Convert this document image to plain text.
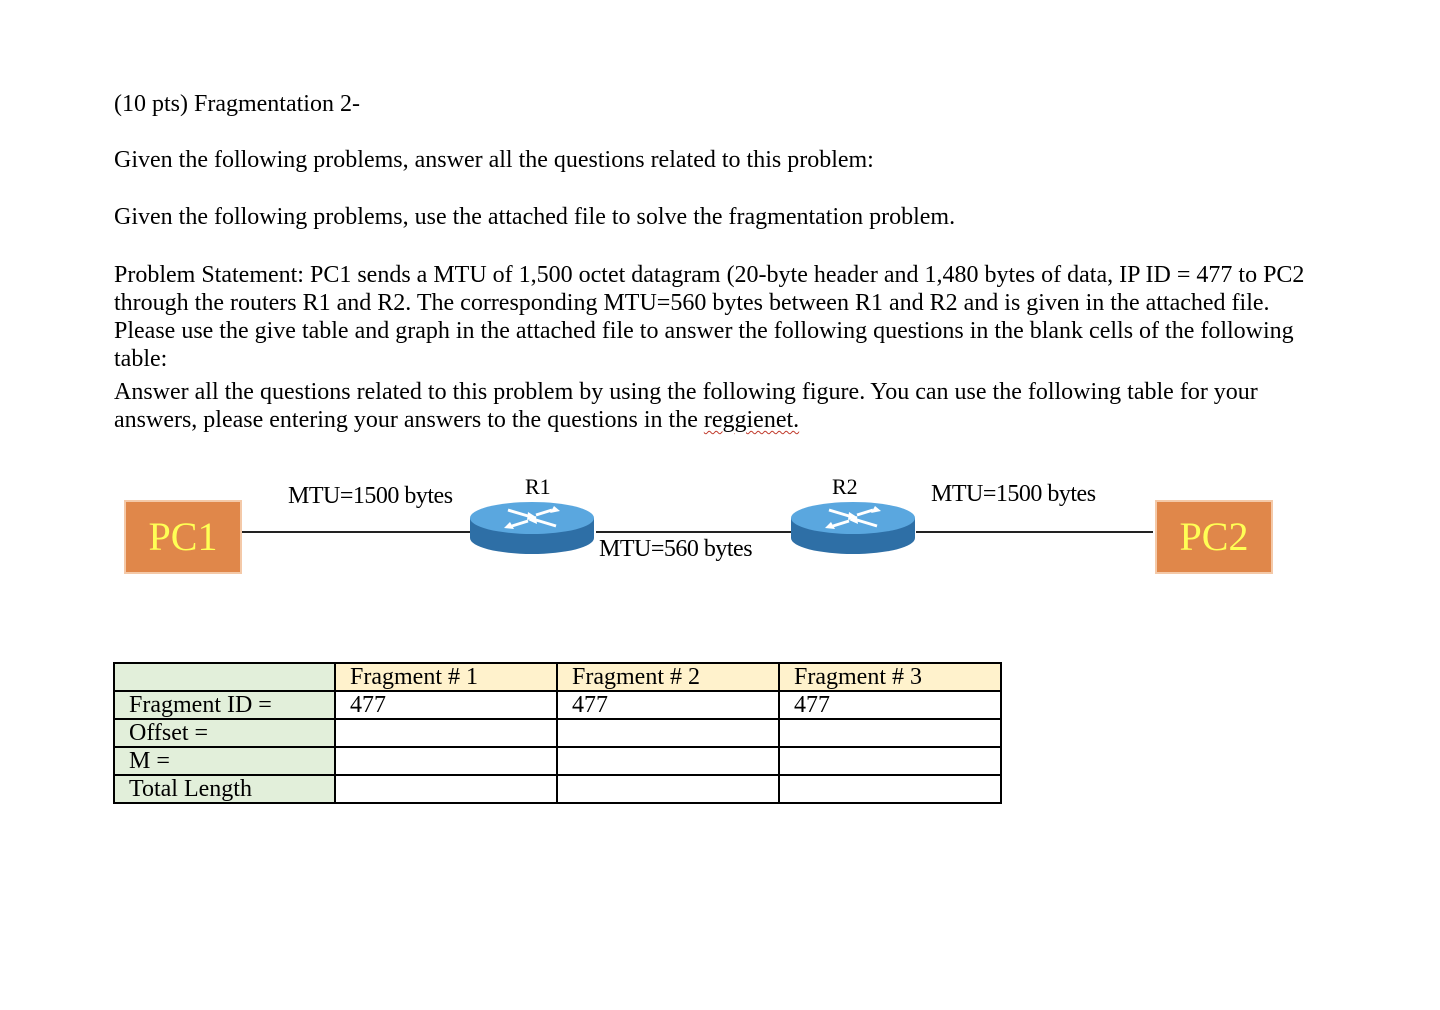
(10 pts) Fragmentation 2-

Given the following problems, answer all the questions related to this problem:

Given the following problems, use the attached file to solve the fragmentation problem.

Problem Statement: PC1 sends a MTU of 1,500 octet datagram (20-byte header and 1,480 bytes of data, IP ID = 477 to PC2 through the routers R1 and R2. The corresponding MTU=560 bytes between R1 and R2 and is given in the attached file. Please use the give table and graph in the attached file to answer the following questions in the blank cells of the following table:

Answer all the questions related to this problem by using the following figure. You can use the following table for your answers, please entering your answers to the questions in the reggienet.

PC1	PC2
MTU=1500 bytes
MTU=560 bytes
MTU=1500 bytes
R1	R2
	Fragment # 1	Fragment # 2	Fragment # 3
Fragment ID =	477	477	477
Offset =			
M =			
Total Length			
